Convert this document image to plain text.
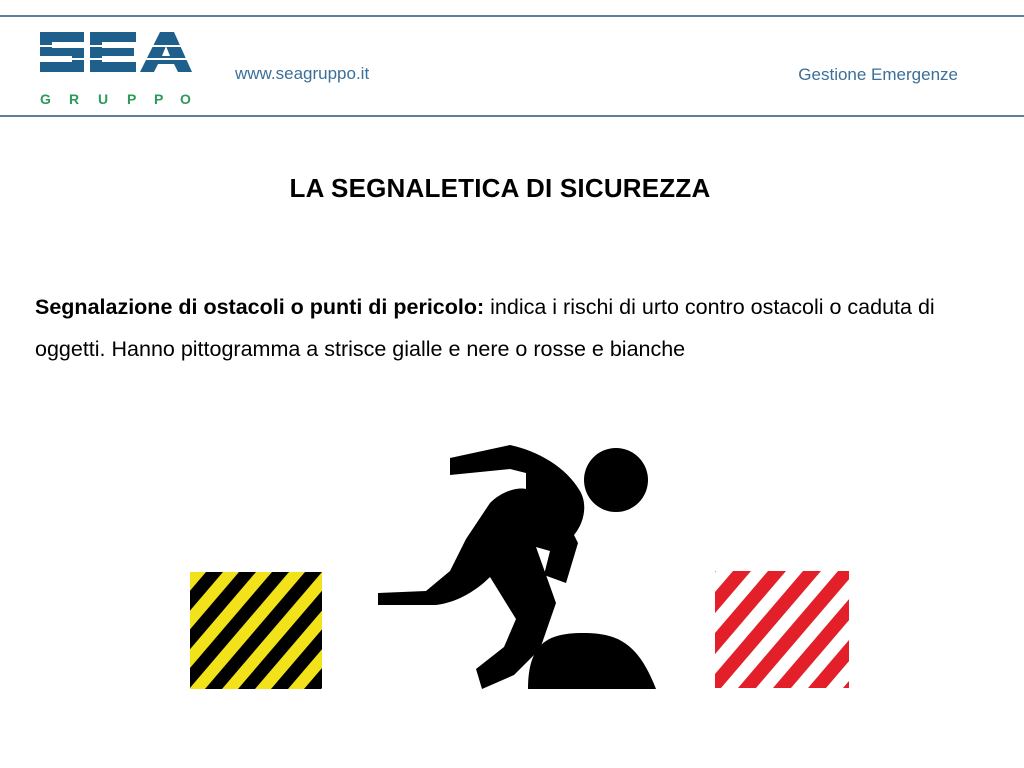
G R U P P O
www.seagruppo.it	Gestione Emergenze
LA SEGNALETICA DI SICUREZZA
Segnalazione di ostacoli o punti di pericolo: indica i rischi di urto contro ostacoli o caduta di oggetti. Hanno pittogramma a strisce gialle e nere o rosse e bianche
